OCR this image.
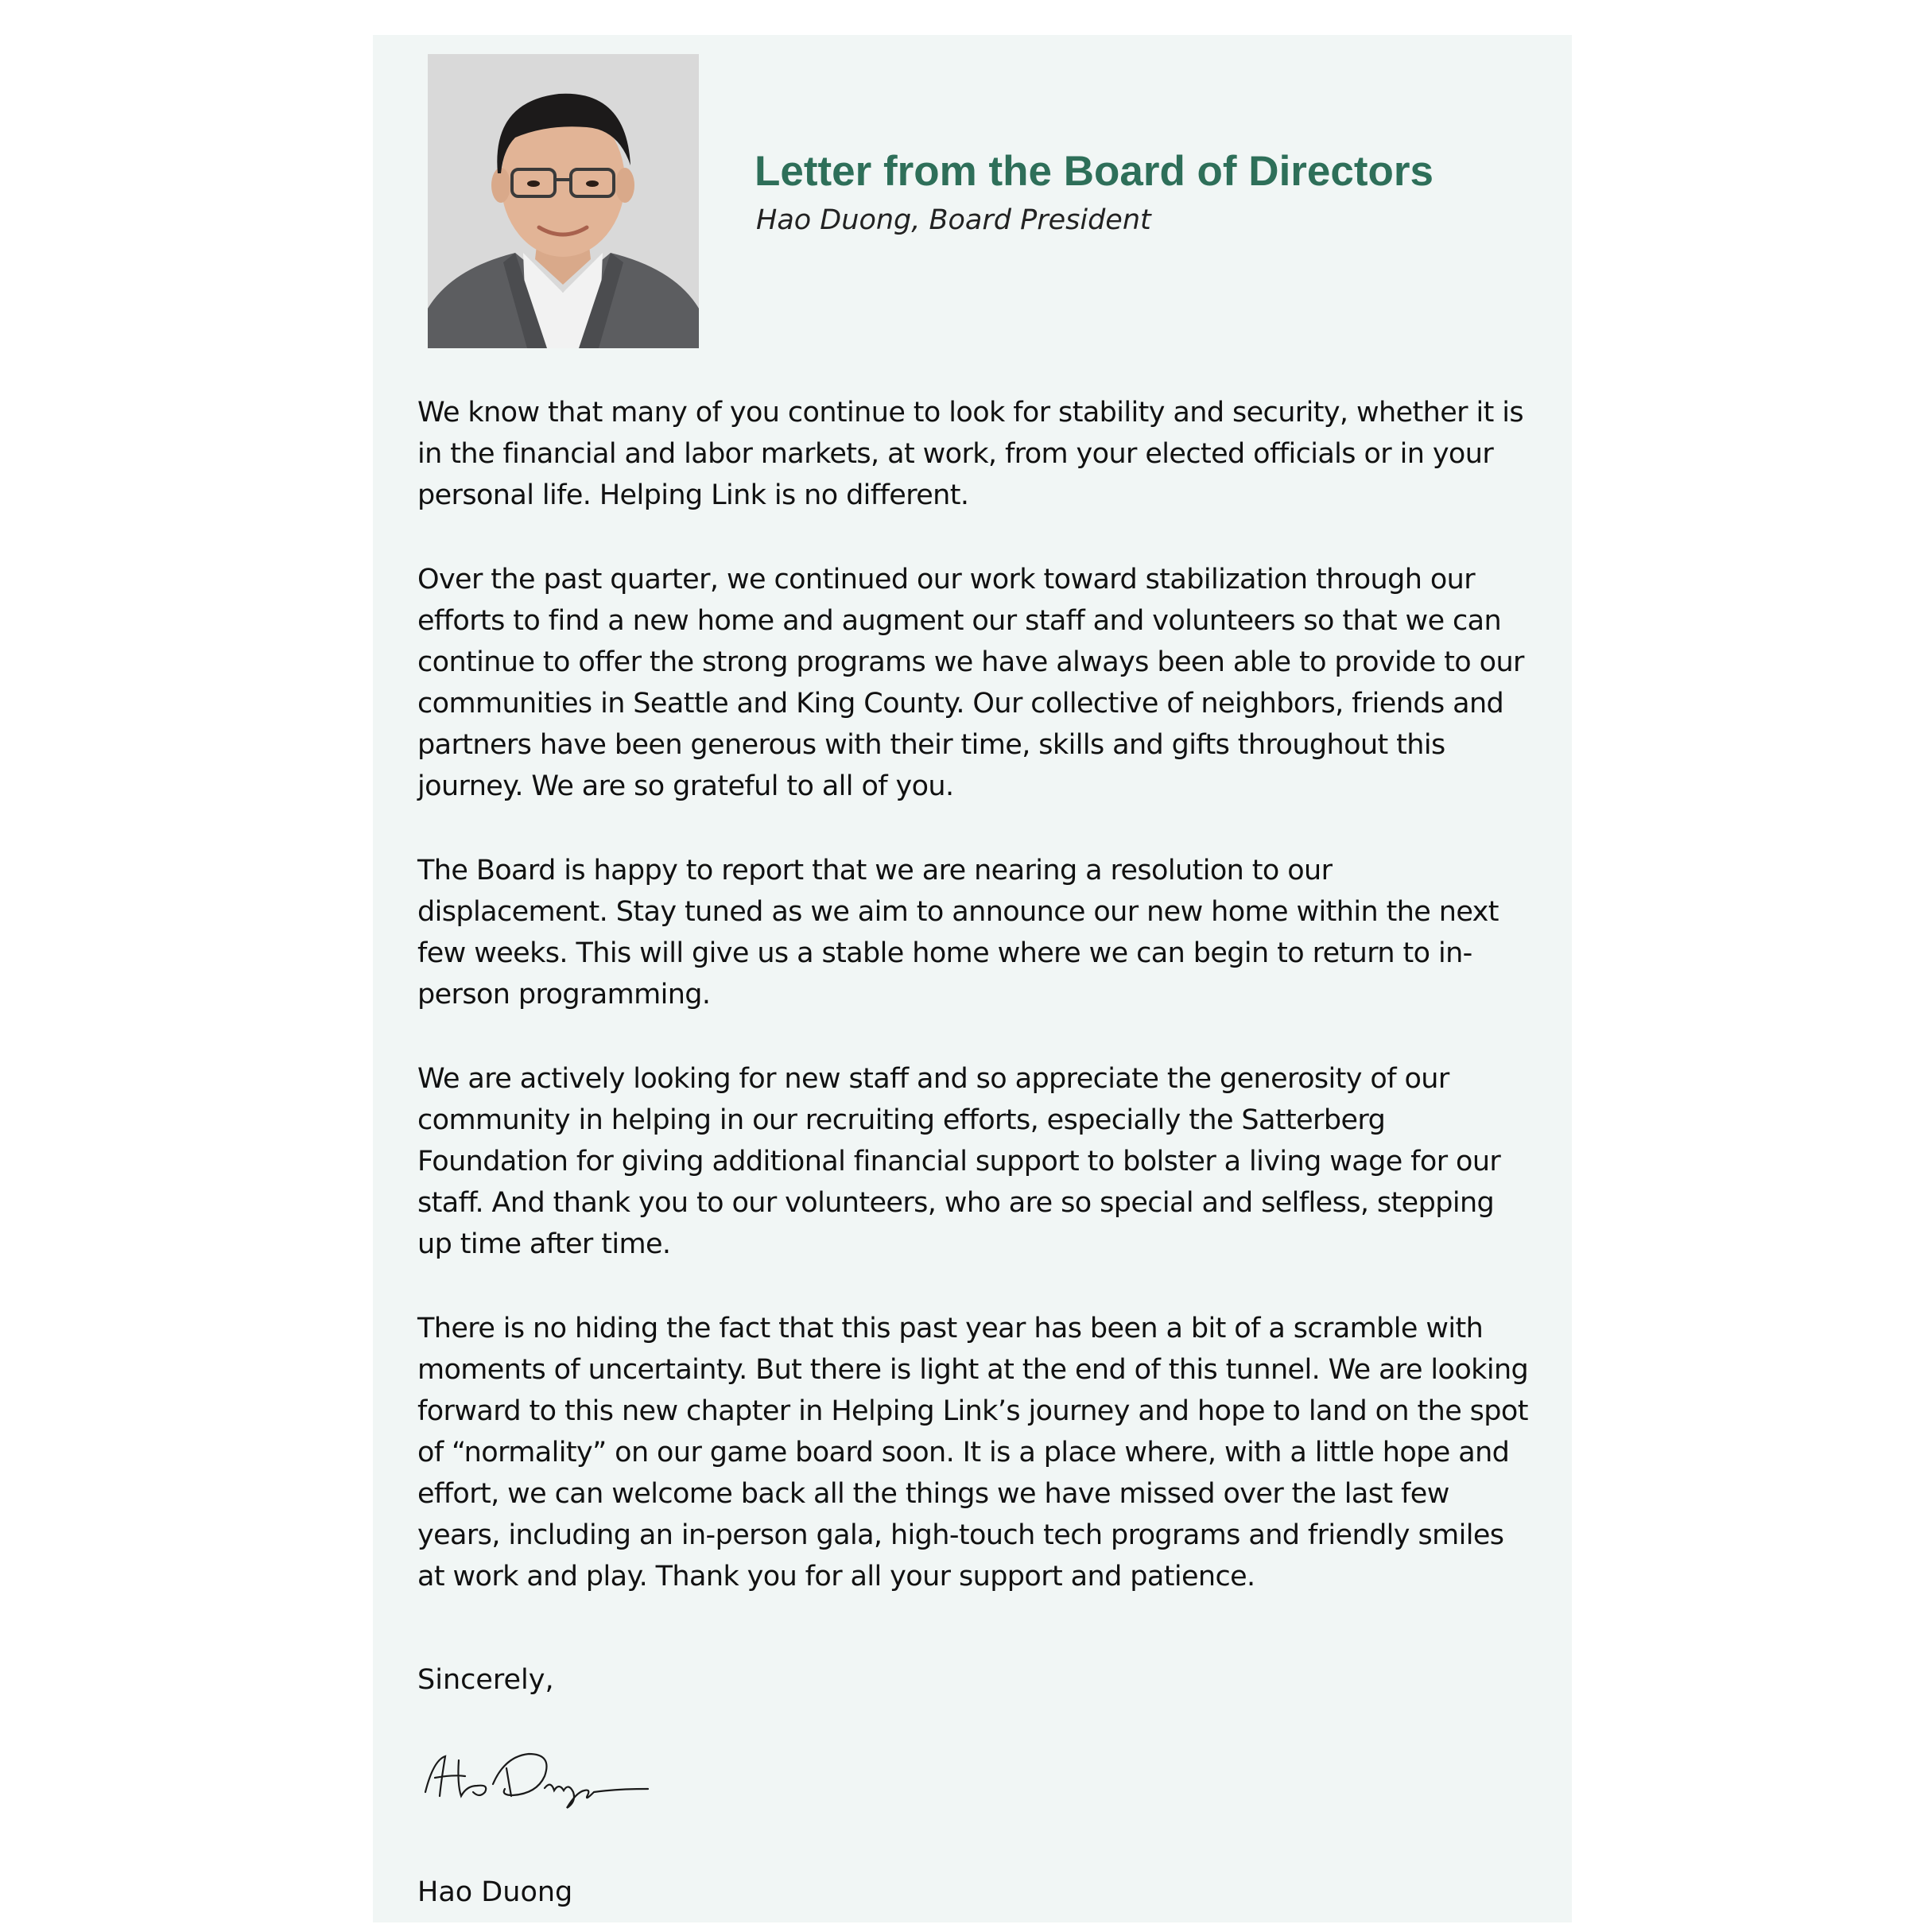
Letter from the Board of Directors

Hao Duong, Board President

We know that many of you continue to look for stability and security, whether it is in the financial and labor markets, at work, from your elected officials or in your personal life. Helping Link is no different.

Over the past quarter, we continued our work toward stabilization through our efforts to find a new home and augment our staff and volunteers so that we can continue to offer the strong programs we have always been able to provide to our communities in Seattle and King County. Our collective of neighbors, friends and partners have been generous with their time, skills and gifts throughout this journey. We are so grateful to all of you.

The Board is happy to report that we are nearing a resolution to our displacement. Stay tuned as we aim to announce our new home within the next few weeks. This will give us a stable home where we can begin to return to in-person programming.

We are actively looking for new staff and so appreciate the generosity of our community in helping in our recruiting efforts, especially the Satterberg Foundation for giving additional financial support to bolster a living wage for our staff. And thank you to our volunteers, who are so special and selfless, stepping up time after time.

There is no hiding the fact that this past year has been a bit of a scramble with moments of uncertainty. But there is light at the end of this tunnel. We are looking forward to this new chapter in Helping Link’s journey and hope to land on the spot of “normality” on our game board soon. It is a place where, with a little hope and effort, we can welcome back all the things we have missed over the last few years, including an in-person gala, high-touch tech programs and friendly smiles at work and play. Thank you for all your support and patience.

Sincerely,

Hao Duong
